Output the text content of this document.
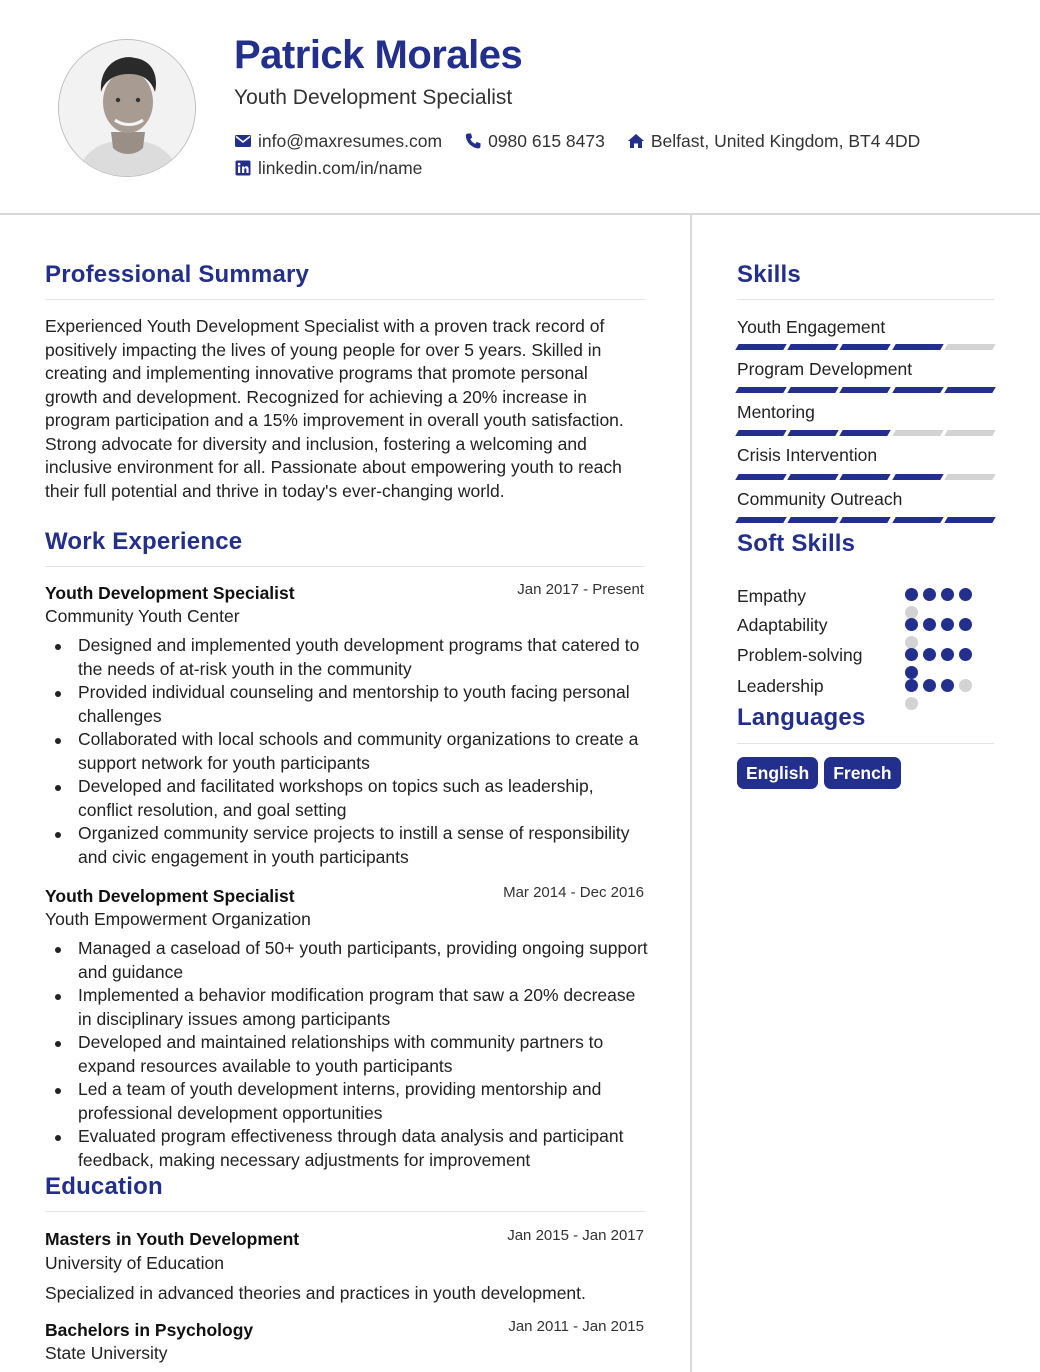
Patrick Morales
Youth Development Specialist
info@maxresumes.com	0980 615 8473	Belfast, United Kingdom, BT4 4DD
linkedin.com/in/name
Professional Summary
Experienced Youth Development Specialist with a proven track record of positively impacting the lives of young people for over 5 years. Skilled in creating and implementing innovative programs that promote personal growth and development. Recognized for achieving a 20% increase in program participation and a 15% improvement in overall youth satisfaction. Strong advocate for diversity and inclusion, fostering a welcoming and inclusive environment for all. Passionate about empowering youth to reach their full potential and thrive in today's ever-changing world.
Work Experience
Youth Development Specialist	Jan 2017 - Present
Community Youth Center
Designed and implemented youth development programs that catered to the needs of at-risk youth in the community
Provided individual counseling and mentorship to youth facing personal challenges
Collaborated with local schools and community organizations to create a support network for youth participants
Developed and facilitated workshops on topics such as leadership, conflict resolution, and goal setting
Organized community service projects to instill a sense of responsibility and civic engagement in youth participants
Youth Development Specialist	Mar 2014 - Dec 2016
Youth Empowerment Organization
Managed a caseload of 50+ youth participants, providing ongoing support and guidance
Implemented a behavior modification program that saw a 20% decrease in disciplinary issues among participants
Developed and maintained relationships with community partners to expand resources available to youth participants
Led a team of youth development interns, providing mentorship and professional development opportunities
Evaluated program effectiveness through data analysis and participant feedback, making necessary adjustments for improvement
Education
Masters in Youth Development	Jan 2015 - Jan 2017
University of Education
Specialized in advanced theories and practices in youth development.
Bachelors in Psychology	Jan 2011 - Jan 2015
State University
Skills
Youth Engagement
Program Development
Mentoring
Crisis Intervention
Community Outreach
Soft Skills
Empathy
Adaptability
Problem-solving
Leadership
Languages
English	French
